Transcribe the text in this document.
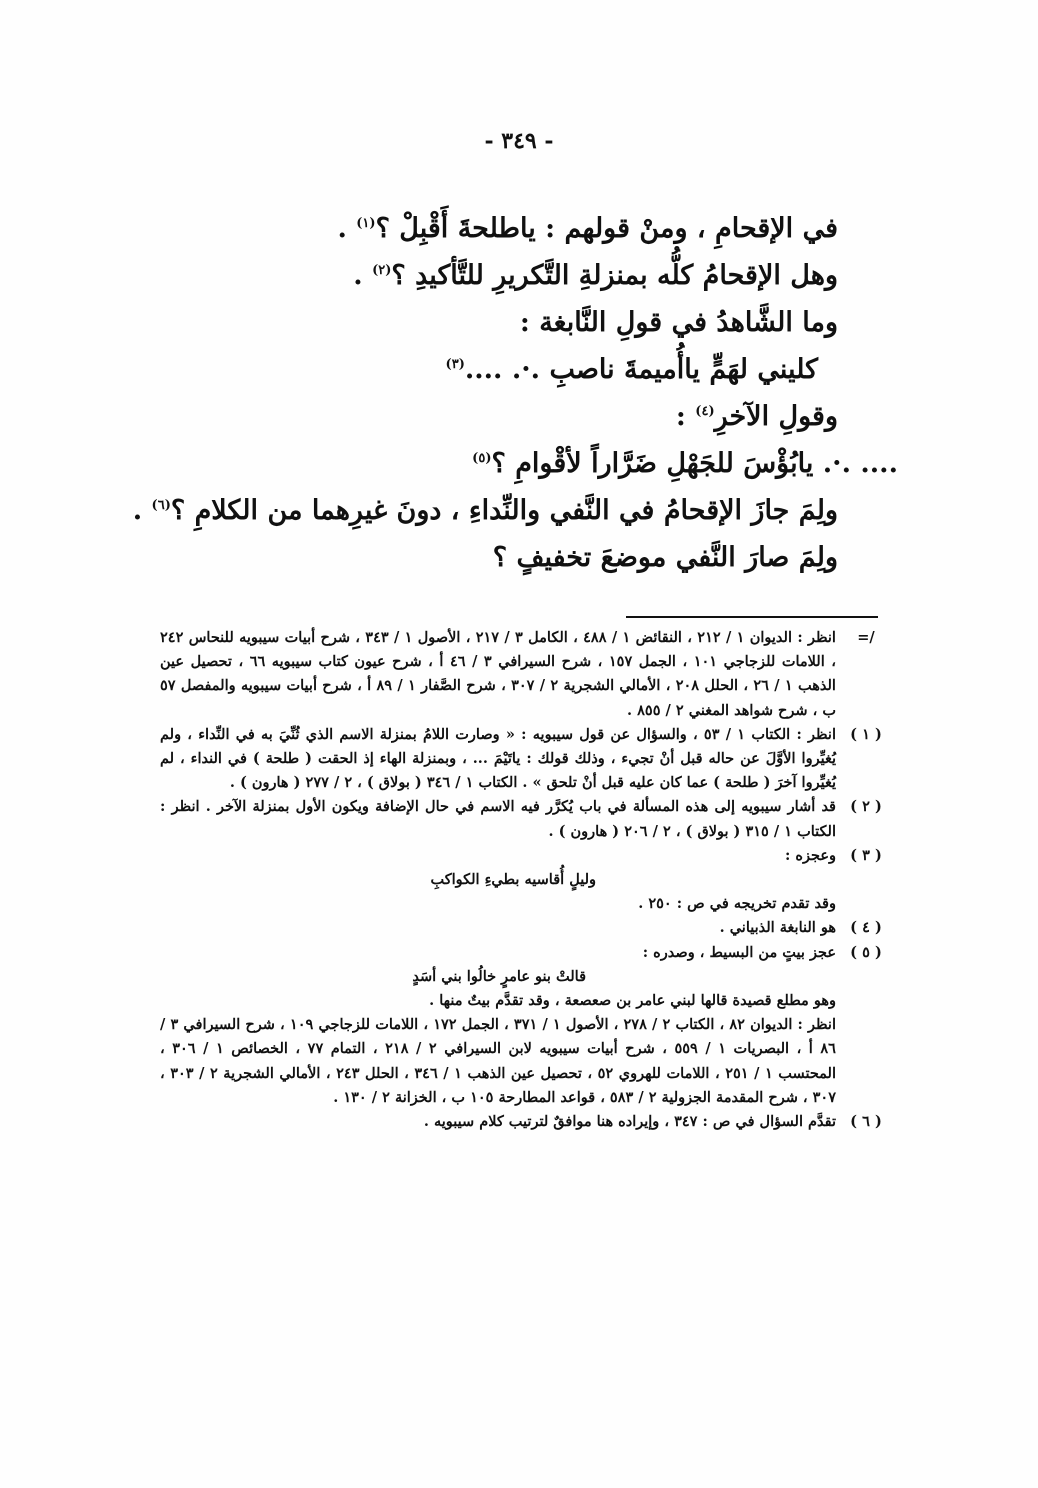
- ٣٤٩ -
في الإقحامِ ، ومنْ قولهم : ياطلحةَ أَقْبِلْ ؟$^{(١)}$ .
وهل الإقحامُ كلُّه بمنزلةِ التَّكريرِ للتَّأكيدِ ؟$^{(٢)}$ .
وما الشَّاهدُ في قولِ النَّابغة :
كليني لهَمٍّ ياأُميمةَ ناصبِ .·. ....$^{(٣)}$
وقولِ الآخرِ$^{(٤)}$ :
.... .·. يابُؤْسَ للجَهْلِ ضَرَّاراً لأقْوامِ ؟$^{(٥)}$
ولِمَ جازَ الإقحامُ في النَّفي والنِّداءِ ، دونَ غيرِهما من الكلامِ ؟$^{(٦)}$ .
ولِمَ صارَ النَّفي موضعَ تخفيفٍ ؟
/=

انظر : الديوان ١ / ٢١٢ ، النقائض ١ / ٤٨٨ ، الكامل ٣ / ٢١٧ ، الأصول ١ / ٣٤٣ ، شرح أبيات سيبويه للنحاس ٢٤٢ ، اللامات للزجاجي ١٠١ ، الجمل ١٥٧ ، شرح السيرافي ٣ / ٤٦ أ ، شرح عيون كتاب سيبويه ٦٦ ، تحصيل عين الذهب ١ / ٢٦ ، الحلل ٢٠٨ ، الأمالي الشجرية ٢ / ٣٠٧ ، شرح الصَّفار ١ / ٨٩ أ ، شرح أبيات سيبويه والمفصل ٥٧ ب ، شرح شواهد المغني ٢ / ٨٥٥ .

( ١ )

انظر : الكتاب ١ / ٥٣ ، والسؤال عن قول سيبويه : « وصارت اللامُ بمنزلة الاسم الذي ثُنِّيَ به في النِّداء ، ولم يُغيِّروا الأوَّلَ عن حاله قبل أنْ تجيء ، وذلك قولك : ياتَيْمَ ... ، وبمنزلة الهاء إذ الحقت ( طلحة ) في النداء ، لم يُغيِّروا آخرَ ( طلحة ) عما كان عليه قبل أنْ تلحق » . الكتاب ١ / ٣٤٦ ( بولاق ) ، ٢ / ٢٧٧ ( هارون ) .

( ٢ )

قد أشار سيبويه إلى هذه المسألة في باب يُكرَّر فيه الاسم في حال الإضافة ويكون الأول بمنزلة الآخر . انظر : الكتاب ١ / ٣١٥ ( بولاق ) ، ٢ / ٢٠٦ ( هارون ) .

( ٣ )

وعجزه :

وليلٍ أُقاسيه بطيءِ الكواكبِ

وقد تقدم تخريجه في ص : ٢٥٠ .

( ٤ )

هو النابغة الذبياني .

( ٥ )

عجز بيتٍ من البسيط ، وصدره :

قالتْ بنو عامرٍ خالُوا بني أسَدٍ

وهو مطلع قصيدة قالها لبني عامر بن صعصعة ، وقد تقدَّم بيتٌ منها .

انظر : الديوان ٨٢ ، الكتاب ٢ / ٢٧٨ ، الأصول ١ / ٣٧١ ، الجمل ١٧٢ ، اللامات للزجاجي ١٠٩ ، شرح السيرافي ٣ / ٨٦ أ ، البصريات ١ / ٥٥٩ ، شرح أبيات سيبويه لابن السيرافي ٢ / ٢١٨ ، التمام ٧٧ ، الخصائص ١ / ٣٠٦ ، المحتسب ١ / ٢٥١ ، اللامات للهروي ٥٢ ، تحصيل عين الذهب ١ / ٣٤٦ ، الحلل ٢٤٣ ، الأمالي الشجرية ٢ / ٣٠٣ ، ٣٠٧ ، شرح المقدمة الجزولية ٢ / ٥٨٣ ، قواعد المطارحة ١٠٥ ب ، الخزانة ٢ / ١٣٠ .

( ٦ )

تقدَّم السؤال في ص : ٣٤٧ ، وإيراده هنا موافقٌ لترتيب كلام سيبويه .
